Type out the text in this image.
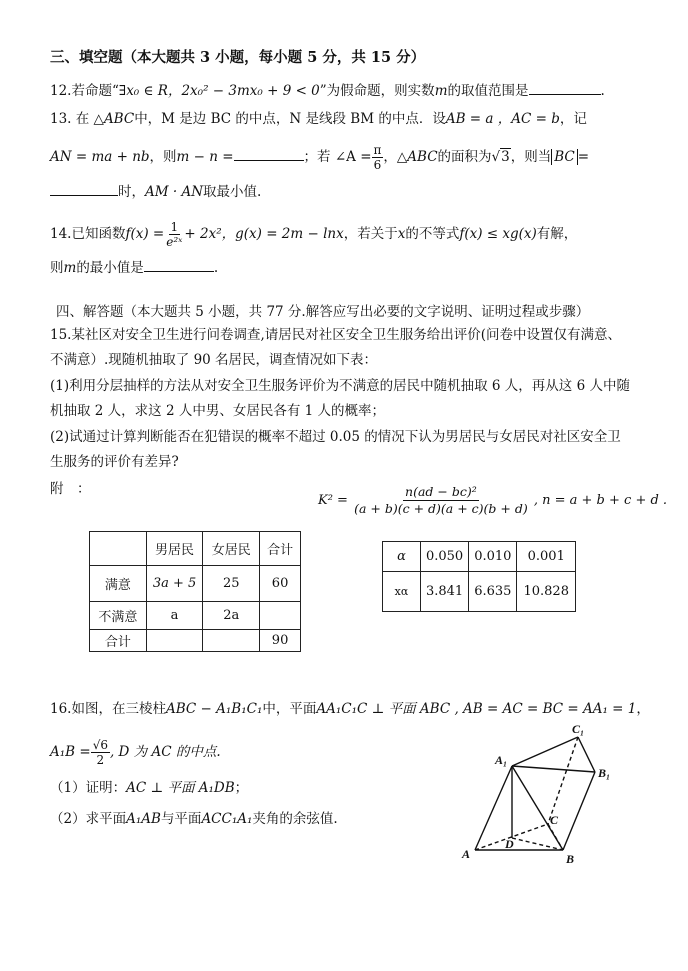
三、填空题（本大题共 3 小题，每小题 5 分，共 15 分）
12.若命题“∃x₀ ∈ R，2x₀² − 3mx₀ + 9 < 0”为假命题，则实数m的取值范围是	.
13. 在 △ABC中，M 是边 BC 的中点，N 是线段 BM 的中点．设AB = a ，AC = b，记
AN = ma + nb，则m − n =	；若 ∠A = $\frac{\pi}{6}$ ，△ABC的面积为√3，则当 BC =
时，AM · AN取最小值.
14.已知函数$f(x) = \frac{1}{\text{e²ˣ}} + 2x^2$，g(x) = 2m − lnx，若关于x的不等式f(x) ≤ xg(x)有解，
则m的最小值是	.
四、解答题（本大题共 5 小题，共 77 分.解答应写出必要的文字说明、证明过程或步骤）
15.某社区对安全卫生进行问卷调查,请居民对社区安全卫生服务给出评价(问卷中设置仅有满意、
不满意）.现随机抽取了 90 名居民，调查情况如下表：
(1)利用分层抽样的方法从对安全卫生服务评价为不满意的居民中随机抽取 6 人，再从这 6 人中随
机抽取 2 人，求这 2 人中男、女居民各有 1 人的概率；
(2)试通过计算判断能否在犯错误的概率不超过 0.05 的情况下认为男居民与女居民对社区安全卫
生服务的评价有差异?
附　：
$K^2 = \frac{\text{n(ad − bc)²}}{(a + b)(c + d)(a + c)(b + d)}$ , n = a + b + c + d .
	男居民	女居民	合计
满意	3a + 5	25	60
不满意	a	2a	
合计			90
α	0.050	0.010	0.001
xα	3.841	6.635	10.828
16.如图，在三棱柱ABC − A₁B₁C₁中，平面AA₁C₁C ⊥ 平面 ABC , AB = AC = BC = AA₁ = 1，
$A_1B = \frac{√6}{2}$ , D 为 AC 的中点.
（1）证明：AC ⊥ 平面 A₁DB；
（2）求平面A₁AB与平面ACC₁A₁夹角的余弦值.
A	B
C
D
A₁
B₁
C₁
